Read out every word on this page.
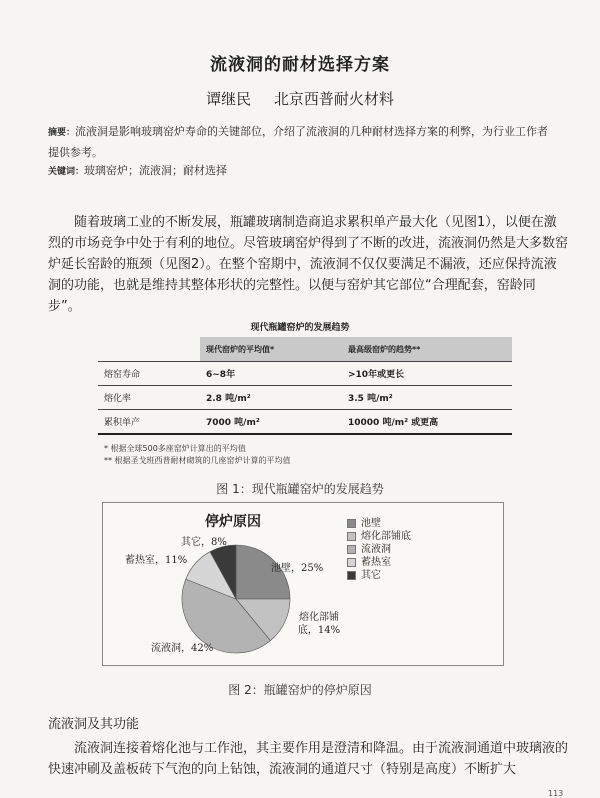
流液洞的耐材选择方案
谭继民 北京西普耐火材料
摘要：流液洞是影响玻璃窑炉寿命的关键部位，介绍了流液洞的几种耐材选择方案的利弊，为行业工作者提供参考。
关键词：玻璃窑炉；流液洞；耐材选择
随着玻璃工业的不断发展，瓶罐玻璃制造商追求累积单产最大化（见图1），以便在激烈的市场竞争中处于有利的地位。尽管玻璃窑炉得到了不断的改进，流液洞仍然是大多数窑炉延长窑龄的瓶颈（见图2）。在整个窑期中，流液洞不仅仅要满足不漏液，还应保持流液洞的功能，也就是维持其整体形状的完整性。以便与窑炉其它部位“合理配套，窑龄同步”。
现代瓶罐窑炉的发展趋势
	现代窑炉的平均值*	最高级窑炉的趋势**
熔窑寿命	6~8年	>10年或更长
熔化率	2.8 吨/m²	3.5 吨/m²
累积单产	7000 吨/m²	10000 吨/m² 或更高
* 根据全球500多座窑炉计算出的平均值
** 根据圣戈班西普耐材砌筑的几座窑炉计算的平均值
图 1：现代瓶罐窑炉的发展趋势
停炉原因
池壁，25%
熔化部铺底，14%
流液洞，42%
蓄热室，11%
其它，8%
池壁
熔化部铺底
流液洞
蓄热室
其它
图 2：瓶罐窑炉的停炉原因
流液洞及其功能
流液洞连接着熔化池与工作池，其主要作用是澄清和降温。由于流液洞通道中玻璃液的快速冲刷及盖板砖下气泡的向上钻蚀，流液洞的通道尺寸（特别是高度）不断扩大
113
